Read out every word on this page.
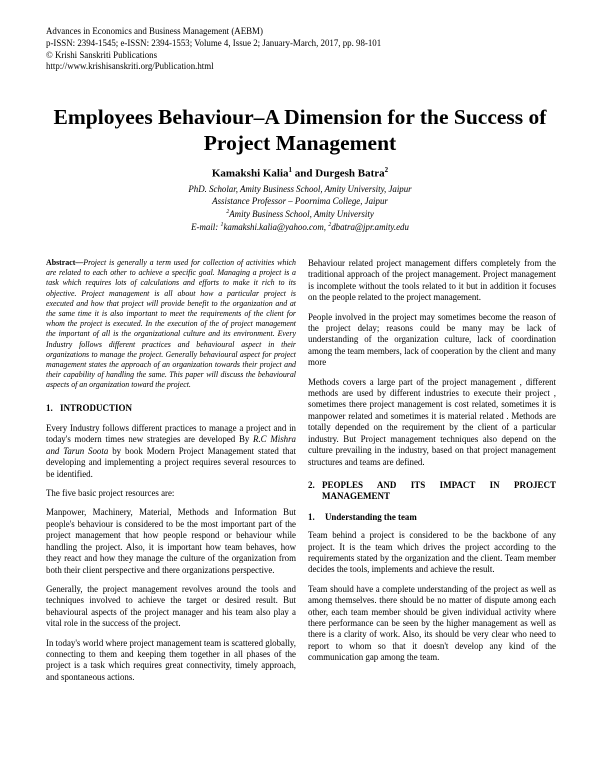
Advances in Economics and Business Management (AEBM)
p-ISSN: 2394-1545; e-ISSN: 2394-1553; Volume 4, Issue 2; January-March, 2017, pp. 98-101
© Krishi Sanskriti Publications
http://www.krishisanskriti.org/Publication.html
Employees Behaviour–A Dimension for the Success of Project Management
Kamakshi Kalia$^1$ and Durgesh Batra$^2$
PhD. Scholar, Amity Business School, Amity University, Jaipur
Assistance Professor – Poornima College, Jaipur
$^2$Amity Business School, Amity University
E-mail: $^1$kamakshi.kalia@yahoo.com, $^2$dbatra@jpr.amity.edu

Abstract—Project is generally a term used for collection of activities which are related to each other to achieve a specific goal. Managing a project is a task which requires lots of calculations and efforts to make it rich to its objective. Project management is all about how a particular project is executed and how that project will provide benefit to the organization and at the same time it is also important to meet the requirements of the client for whom the project is executed. In the execution of the of project management the important of all is the organizational culture and its environment. Every Industry follows different practices and behavioural aspect in their organizations to manage the project. Generally behavioural aspect for project management states the approach of an organization towards their project and their capability of handling the same. This paper will discuss the behavioural aspects of an organization toward the project.

1. INTRODUCTION

Every Industry follows different practices to manage a project and in today's modern times new strategies are developed By R.C Mishra and Tarun Soota by book Modern Project Management stated that developing and implementing a project requires several resources to be identified.

The five basic project resources are:

Manpower, Machinery, Material, Methods and Information But people's behaviour is considered to be the most important part of the project management that how people respond or behaviour while handling the project. Also, it is important how team behaves, how they react and how they manage the culture of the organization from both their client perspective and there organizations perspective.

Generally, the project management revolves around the tools and techniques involved to achieve the target or desired result. But behavioural aspects of the project manager and his team also play a vital role in the success of the project.

In today's world where project management team is scattered globally, connecting to them and keeping them together in all phases of the project is a task which requires great connectivity, timely approach, and spontaneous actions.

Behaviour related project management differs completely from the traditional approach of the project management. Project management is incomplete without the tools related to it but in addition it focuses on the people related to the project management.

People involved in the project may sometimes become the reason of the project delay; reasons could be many may be lack of understanding of the organization culture, lack of coordination among the team members, lack of cooperation by the client and many more

Methods covers a large part of the project management , different methods are used by different industries to execute their project , sometimes there project management is cost related, sometimes it is manpower related and sometimes it is material related . Methods are totally depended on the requirement by the client of a particular industry. But Project management techniques also depend on the culture prevailing in the industry, based on that project management structures and teams are defined.

2. PEOPLES AND ITS IMPACT IN PROJECT MANAGEMENT
1. Understanding the team

Team behind a project is considered to be the backbone of any project. It is the team which drives the project according to the requirements stated by the organization and the client. Team member decides the tools, implements and achieve the result.

Team should have a complete understanding of the project as well as among themselves. there should be no matter of dispute among each other, each team member should be given individual activity where there performance can be seen by the higher management as well as there is a clarity of work. Also, its should be very clear who need to report to whom so that it doesn't develop any kind of the communication gap among the team.
